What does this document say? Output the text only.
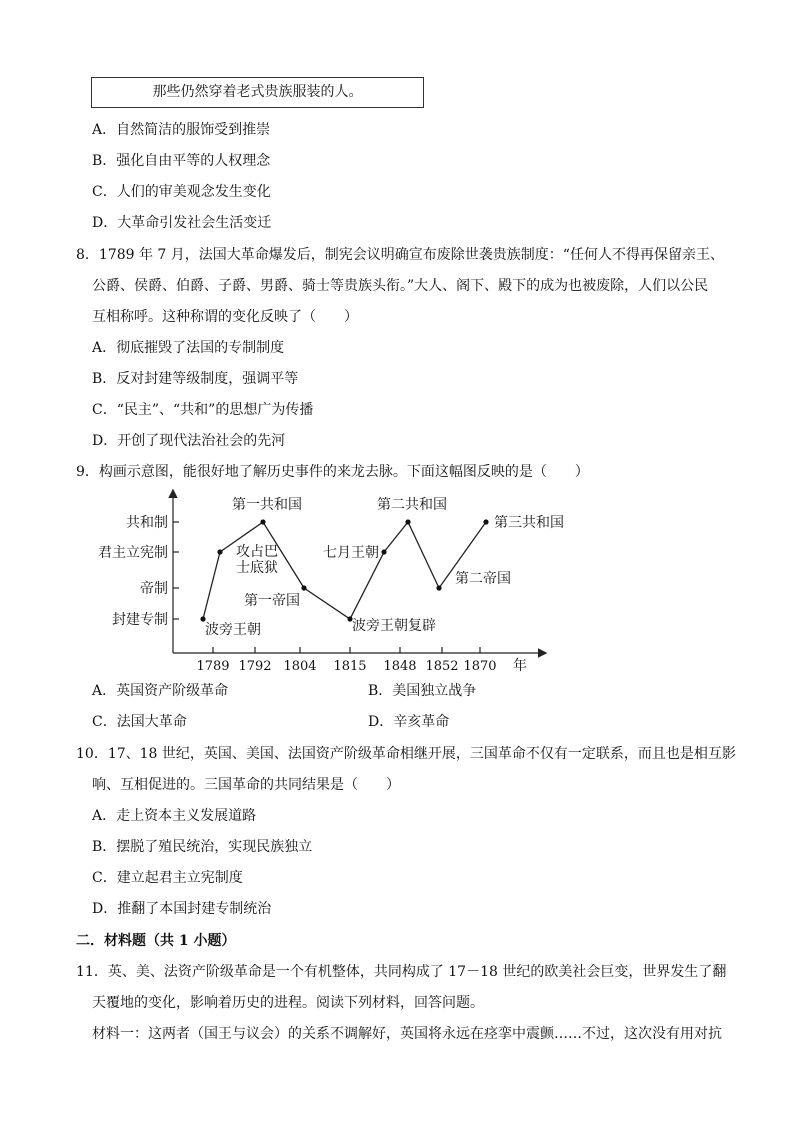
那些仍然穿着老式贵族服装的人。
A．自然简洁的服饰受到推崇
B．强化自由平等的人权理念
C．人们的审美观念发生变化
D．大革命引发社会生活变迁
8．1789 年 7 月，法国大革命爆发后，制宪会议明确宣布废除世袭贵族制度：“任何人不得再保留亲王、
公爵、侯爵、伯爵、子爵、男爵、骑士等贵族头衔。”大人、阁下、殿下的成为也被废除，人们以公民
互相称呼。这种称谓的变化反映了（　　）
A．彻底摧毁了法国的专制制度
B．反对封建等级制度，强调平等
C．“民主”、“共和”的思想广为传播
D．开创了现代法治社会的先河
9．构画示意图，能很好地了解历史事件的来龙去脉。下面这幅图反映的是（　　）
封建专制
帝制
君主立宪制
共和制
1789 1792 1804 1815 1848 1852 1870 年
波旁王朝
攻占巴
士底狱
第一共和国
第一帝国
波旁王朝复辟
七月王朝
第二共和国
第二帝国
第三共和国
A．英国资产阶级革命	B．美国独立战争
C．法国大革命	D．辛亥革命
10．17、18 世纪，英国、美国、法国资产阶级革命相继开展，三国革命不仅有一定联系，而且也是相互影
响、互相促进的。三国革命的共同结果是（　　）
A．走上资本主义发展道路
B．摆脱了殖民统治，实现民族独立
C．建立起君主立宪制度
D．推翻了本国封建专制统治
二．材料题（共 1 小题）
11．英、美、法资产阶级革命是一个有机整体，共同构成了 17－18 世纪的欧美社会巨变，世界发生了翻
天覆地的变化，影响着历史的进程。阅读下列材料，回答问题。
材料一：这两者（国王与议会）的关系不调解好，英国将永远在痉挛中震颤……不过，这次没有用对抗
